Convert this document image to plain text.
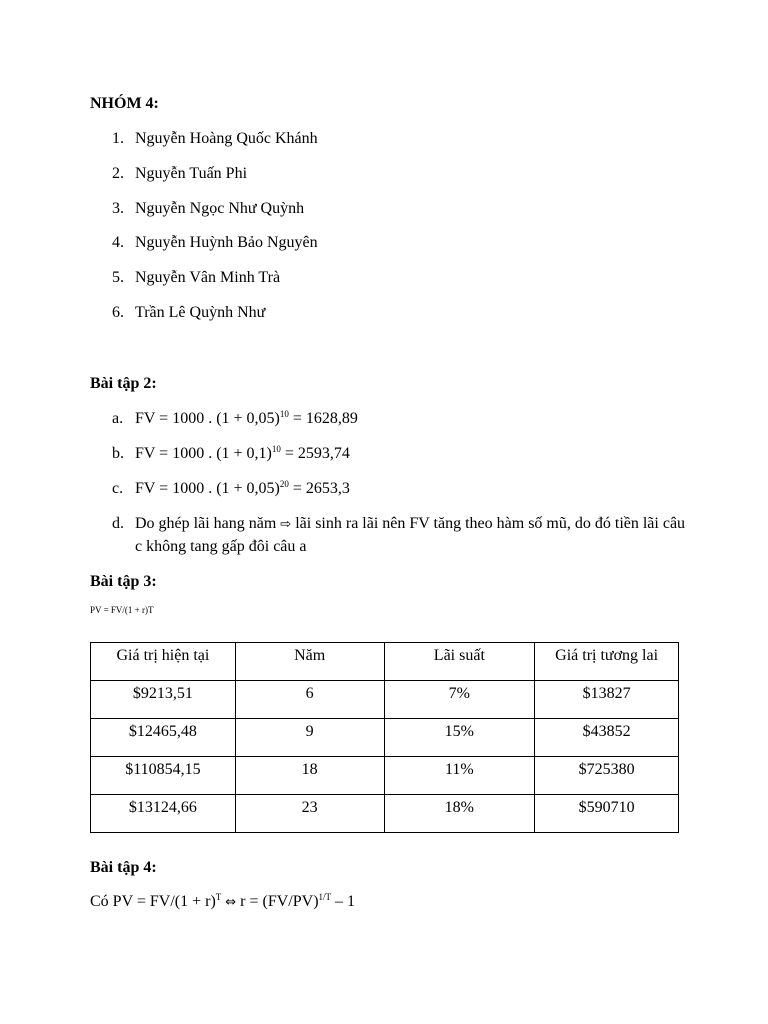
NHÓM 4:
1. Nguyễn Hoàng Quốc Khánh
2. Nguyễn Tuấn Phi
3. Nguyễn Ngọc Như Quỳnh
4. Nguyễn Huỳnh Bảo Nguyên
5. Nguyễn Vân Minh Trà
6. Trần Lê Quỳnh Như
Bài tập 2:
a. FV = 1000 . $(1 + 0,05)^{10} = 1628,89$
b. FV = 1000 . $(1 + 0,1)^{10} = 2593,74$
c. FV = 1000 . $(1 + 0,05)^{20} = 2653,3$
d. Do ghép lãi hang năm ⇨ lãi sinh ra lãi nên FV tăng theo hàm số mũ, do đó tiền lãi câu c không tang gấp đôi câu a
Bài tập 3:
PV = FV/(1 + r)T
Giá trị hiện tại	Năm	Lãi suất	Giá trị tương lai
$9213,51	6	7%	$13827
$12465,48	9	15%	$43852
$110854,15	18	11%	$725380
$13124,66	23	18%	$590710
Bài tập 4:
Có PV = $FV/(1 + r)^T$ ⇔ $r = (FV/PV)^{1/T} - 1$
